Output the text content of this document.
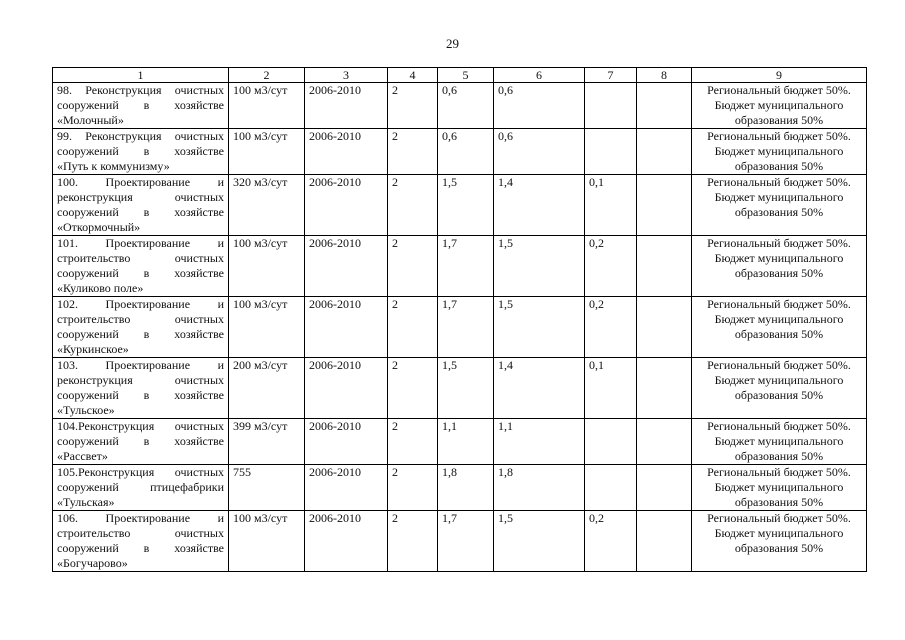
29
1	2	3	4	5	6	7	8	9

98. Реконструкция очистных
сооружений в хозяйстве
«Молочный»	100 м3/сут	2006-2010	2	0,6	0,6			Региональный бюджет 50%.
Бюджет муниципального
образования 50%

99. Реконструкция очистных
сооружений в хозяйстве
«Путь к коммунизму»	100 м3/сут	2006-2010	2	0,6	0,6			Региональный бюджет 50%.
Бюджет муниципального
образования 50%

100. Проектирование и
реконструкция очистных
сооружений в хозяйстве
«Откормочный»	320 м3/сут	2006-2010	2	1,5	1,4	0,1		Региональный бюджет 50%.
Бюджет муниципального
образования 50%

101. Проектирование и
строительство очистных
сооружений в хозяйстве
«Куликово поле»	100 м3/сут	2006-2010	2	1,7	1,5	0,2		Региональный бюджет 50%.
Бюджет муниципального
образования 50%

102. Проектирование и
строительство очистных
сооружений в хозяйстве
«Куркинское»	100 м3/сут	2006-2010	2	1,7	1,5	0,2		Региональный бюджет 50%.
Бюджет муниципального
образования 50%

103. Проектирование и
реконструкция очистных
сооружений в хозяйстве
«Тульское»	200 м3/сут	2006-2010	2	1,5	1,4	0,1		Региональный бюджет 50%.
Бюджет муниципального
образования 50%

104.Реконструкция очистных
сооружений в хозяйстве
«Рассвет»	399 м3/сут	2006-2010	2	1,1	1,1			Региональный бюджет 50%.
Бюджет муниципального
образования 50%

105.Реконструкция очистных
сооружений птицефабрики
«Тульская»	755	2006-2010	2	1,8	1,8			Региональный бюджет 50%.
Бюджет муниципального
образования 50%

106. Проектирование и
строительство очистных
сооружений в хозяйстве
«Богучарово»	100 м3/сут	2006-2010	2	1,7	1,5	0,2		Региональный бюджет 50%.
Бюджет муниципального
образования 50%
